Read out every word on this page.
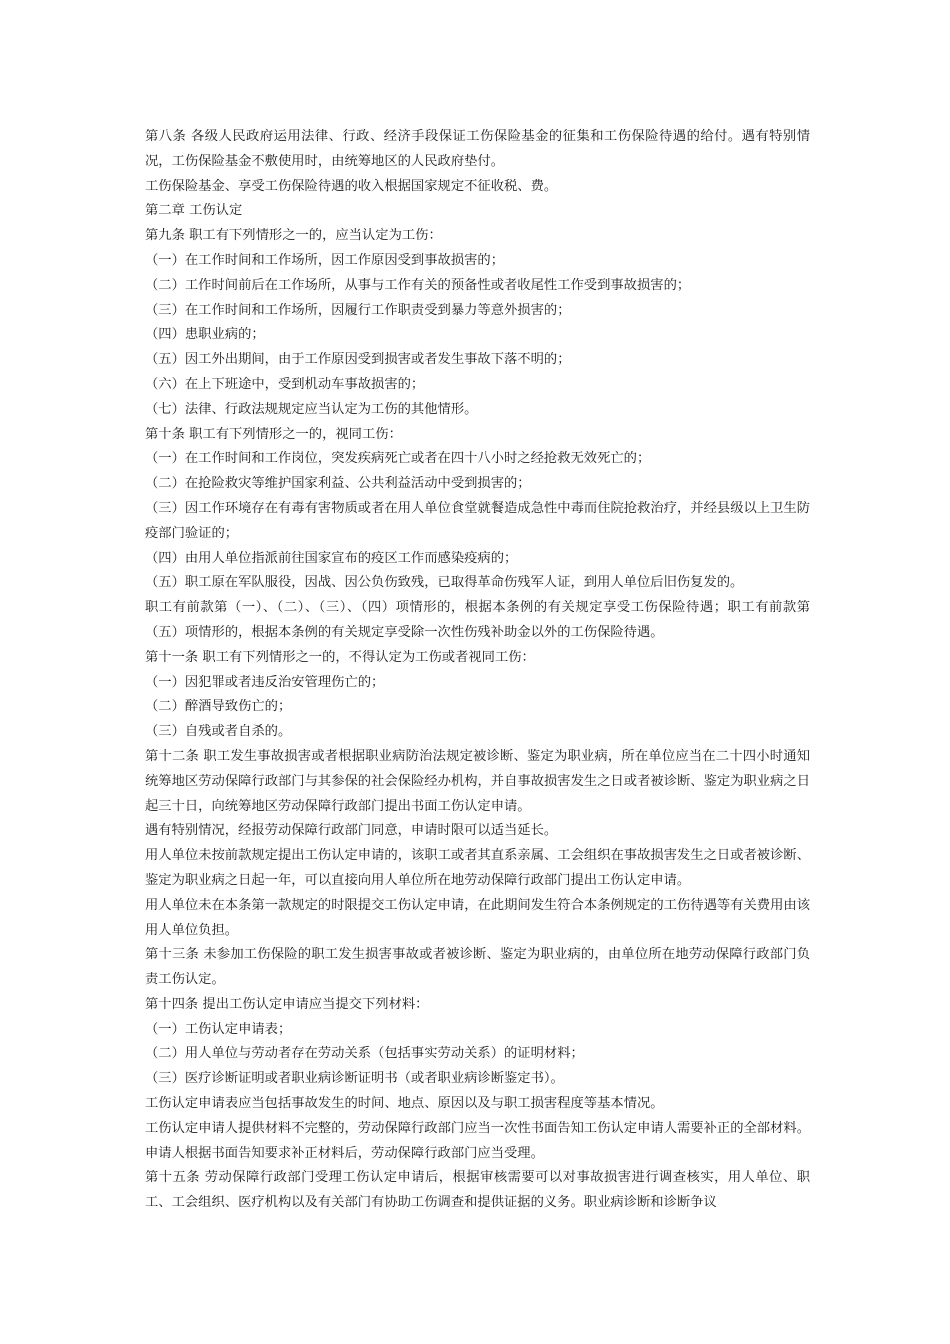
第八条 各级人民政府运用法律、行政、经济手段保证工伤保险基金的征集和工伤保险待遇的给付。遇有特别情况，工伤保险基金不敷使用时，由统筹地区的人民政府垫付。

工伤保险基金、享受工伤保险待遇的收入根据国家规定不征收税、费。

第二章 工伤认定

第九条 职工有下列情形之一的，应当认定为工伤：

（一）在工作时间和工作场所，因工作原因受到事故损害的；

（二）工作时间前后在工作场所，从事与工作有关的预备性或者收尾性工作受到事故损害的；

（三）在工作时间和工作场所，因履行工作职责受到暴力等意外损害的；

（四）患职业病的；

（五）因工外出期间，由于工作原因受到损害或者发生事故下落不明的；

（六）在上下班途中，受到机动车事故损害的；

（七）法律、行政法规规定应当认定为工伤的其他情形。

第十条 职工有下列情形之一的，视同工伤：

（一）在工作时间和工作岗位，突发疾病死亡或者在四十八小时之经抢救无效死亡的；

（二）在抢险救灾等维护国家利益、公共利益活动中受到损害的；

（三）因工作环境存在有毒有害物质或者在用人单位食堂就餐造成急性中毒而住院抢救治疗，并经县级以上卫生防疫部门验证的；

（四）由用人单位指派前往国家宣布的疫区工作而感染疫病的；

（五）职工原在军队服役，因战、因公负伤致残，已取得革命伤残军人证，到用人单位后旧伤复发的。

职工有前款第（一）、（二）、（三）、（四）项情形的，根据本条例的有关规定享受工伤保险待遇；职工有前款第（五）项情形的，根据本条例的有关规定享受除一次性伤残补助金以外的工伤保险待遇。

第十一条 职工有下列情形之一的，不得认定为工伤或者视同工伤：

（一）因犯罪或者违反治安管理伤亡的；

（二）醉酒导致伤亡的；

（三）自残或者自杀的。

第十二条 职工发生事故损害或者根据职业病防治法规定被诊断、鉴定为职业病，所在单位应当在二十四小时通知统筹地区劳动保障行政部门与其参保的社会保险经办机构，并自事故损害发生之日或者被诊断、鉴定为职业病之日起三十日，向统筹地区劳动保障行政部门提出书面工伤认定申请。

遇有特别情况，经报劳动保障行政部门同意，申请时限可以适当延长。

用人单位未按前款规定提出工伤认定申请的，该职工或者其直系亲属、工会组织在事故损害发生之日或者被诊断、鉴定为职业病之日起一年，可以直接向用人单位所在地劳动保障行政部门提出工伤认定申请。

用人单位未在本条第一款规定的时限提交工伤认定申请，在此期间发生符合本条例规定的工伤待遇等有关费用由该用人单位负担。

第十三条 未参加工伤保险的职工发生损害事故或者被诊断、鉴定为职业病的，由单位所在地劳动保障行政部门负责工伤认定。

第十四条 提出工伤认定申请应当提交下列材料：

（一）工伤认定申请表；

（二）用人单位与劳动者存在劳动关系（包括事实劳动关系）的证明材料；

（三）医疗诊断证明或者职业病诊断证明书（或者职业病诊断鉴定书）。

工伤认定申请表应当包括事故发生的时间、地点、原因以及与职工损害程度等基本情况。

工伤认定申请人提供材料不完整的，劳动保障行政部门应当一次性书面告知工伤认定申请人需要补正的全部材料。申请人根据书面告知要求补正材料后，劳动保障行政部门应当受理。

第十五条 劳动保障行政部门受理工伤认定申请后，根据审核需要可以对事故损害进行调查核实，用人单位、职工、工会组织、医疗机构以及有关部门有协助工伤调查和提供证据的义务。职业病诊断和诊断争议
